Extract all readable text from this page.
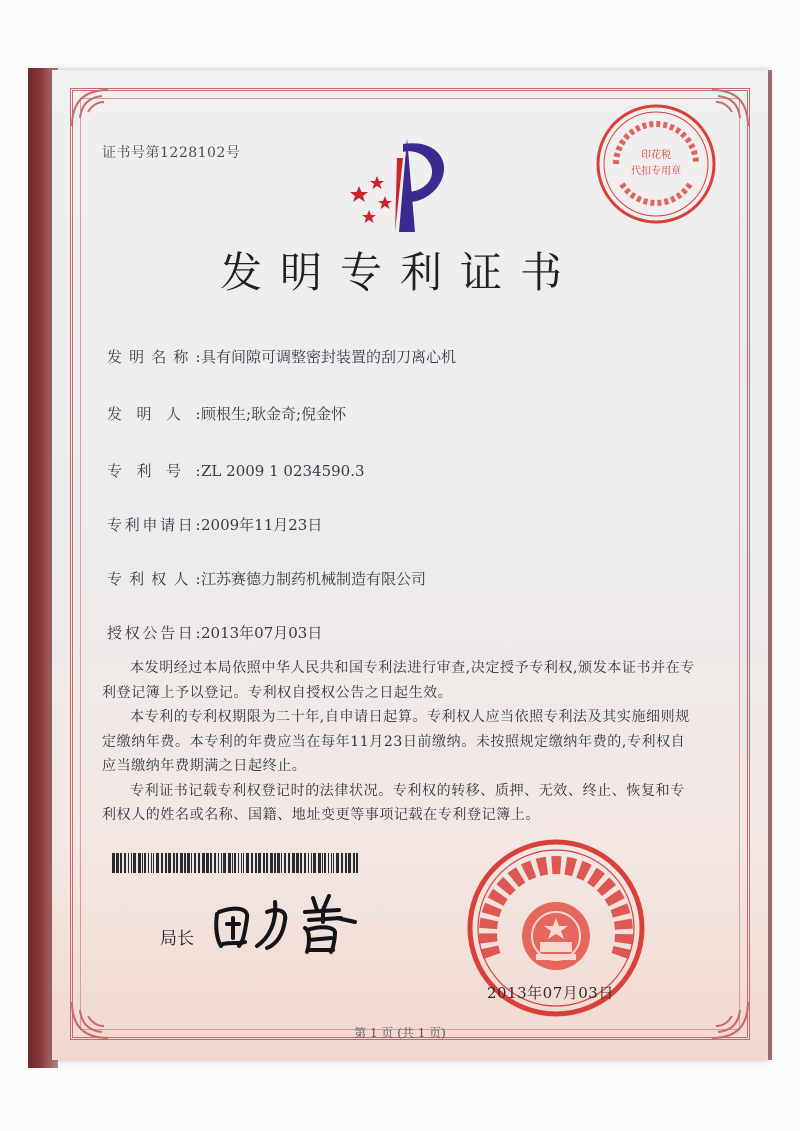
证书号第1228102号
发明专利证书
发明名称:具有间隙可调整密封装置的刮刀离心机
发明人:顾根生;耿金奇;倪金怀
专利号:ZL 2009 1 0234590.3
专利申请日:2009年11月23日
专利权人:江苏赛德力制药机械制造有限公司
授权公告日:2013年07月03日

本发明经过本局依照中华人民共和国专利法进行审查,决定授予专利权,颁发本证书并在专利登记簿上予以登记。专利权自授权公告之日起生效。

本专利的专利权期限为二十年,自申请日起算。专利权人应当依照专利法及其实施细则规定缴纳年费。本专利的年费应当在每年11月23日前缴纳。未按照规定缴纳年费的,专利权自应当缴纳年费期满之日起终止。

专利证书记载专利权登记时的法律状况。专利权的转移、质押、无效、终止、恢复和专利权人的姓名或名称、国籍、地址变更等事项记载在专利登记簿上。

局长
印花税
代扣专用章
2013年07月03日
第 1 页 (共 1 页)
